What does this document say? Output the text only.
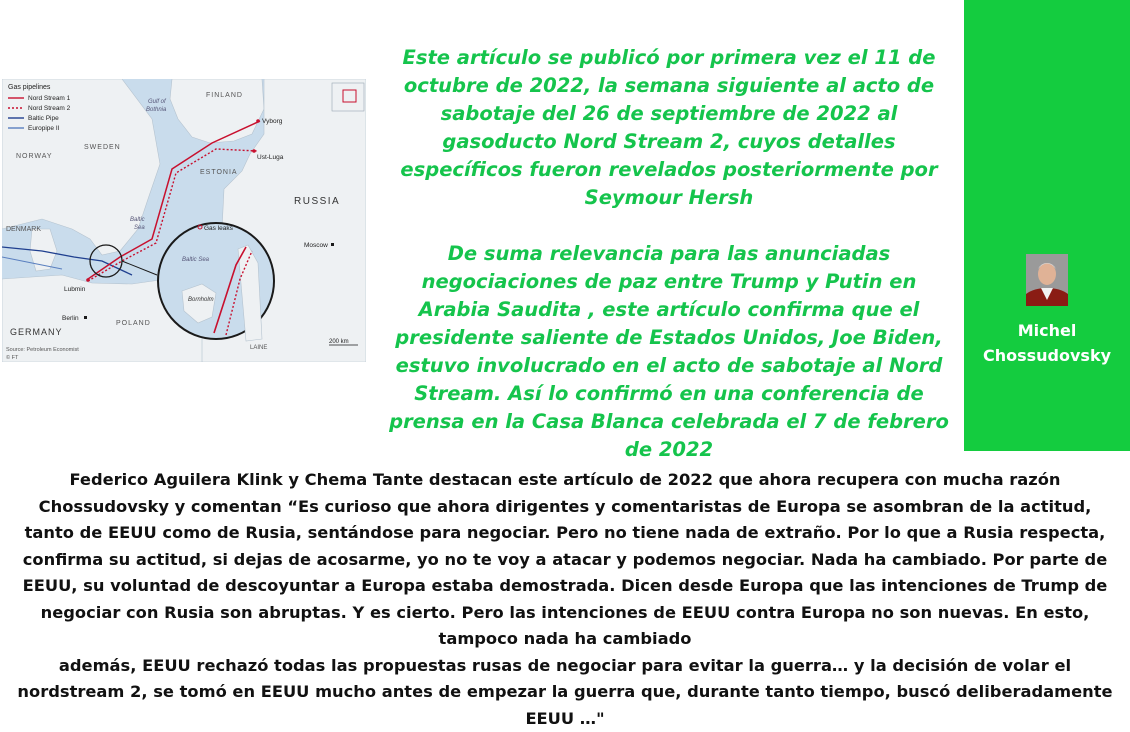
Gas pipelines
Nord Stream 1
Nord Stream 2
Baltic Pipe
Europipe II
FINLAND
Gulf of
Bothnia
NORWAY
SWEDEN
ESTONIA
RUSSIA
DENMARK
Baltic
Sea
GERMANY
POLAND
Lubmin
Berlin
Vyborg
Ust-Luga
Moscow
Gas leaks
Baltic Sea
Bornholm
LAINE
200 km
Source: Petroleum Economist
© FT

Este artículo se publicó por primera vez el 11 de octubre de 2022, la semana siguiente al acto de sabotaje del 26 de septiembre de 2022 al gasoducto Nord Stream 2, cuyos detalles específicos fueron revelados posteriormente por Seymour Hersh

De suma relevancia para las anunciadas negociaciones de paz entre Trump y Putin en Arabia Saudita , este artículo confirma que el presidente saliente de Estados Unidos, Joe Biden, estuvo involucrado en el acto de sabotaje al Nord Stream. Así lo confirmó en una conferencia de prensa en la Casa Blanca celebrada el 7 de febrero de 2022

Michel
Chossudovsky

Federico Aguilera Klink y Chema Tante destacan este artículo de 2022 que ahora recupera con mucha razón Chossudovsky y comentan “Es curioso que ahora dirigentes y comentaristas de Europa se asombran de la actitud, tanto de EEUU como de Rusia, sentándose para negociar. Pero no tiene nada de extraño. Por lo que a Rusia respecta, confirma su actitud, si dejas de acosarme, yo no te voy a atacar y podemos negociar. Nada ha cambiado. Por parte de EEUU, su voluntad de descoyuntar a Europa estaba demostrada. Dicen desde Europa que las intenciones de Trump de negociar con Rusia son abruptas. Y es cierto. Pero las intenciones de EEUU contra Europa no son nuevas. En esto, tampoco nada ha cambiado

además, EEUU rechazó todas las propuestas rusas de negociar para evitar la guerra… y la decisión de volar el nordstream 2, se tomó en EEUU mucho antes de empezar la guerra que, durante tanto tiempo, buscó deliberadamente EEUU …"
